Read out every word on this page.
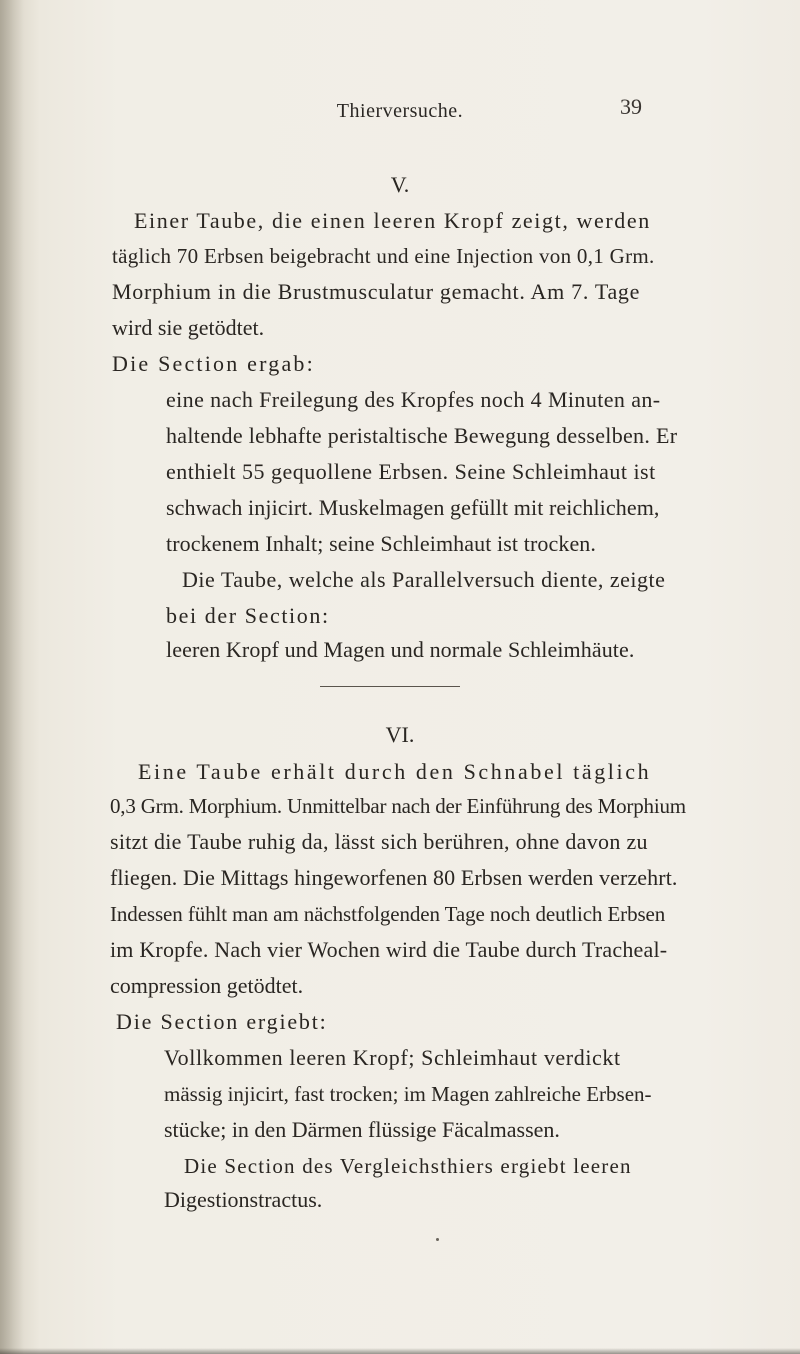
Thierversuche.	39
V.
Einer Taube, die einen leeren Kropf zeigt, werden
täglich 70 Erbsen beigebracht und eine Injection von 0,1 Grm.
Morphium in die Brustmusculatur gemacht. Am 7. Tage
wird sie getödtet.
Die Section ergab:
eine nach Freilegung des Kropfes noch 4 Minuten an-
haltende lebhafte peristaltische Bewegung desselben. Er
enthielt 55 gequollene Erbsen. Seine Schleimhaut ist
schwach injicirt. Muskelmagen gefüllt mit reichlichem,
trockenem Inhalt; seine Schleimhaut ist trocken.
Die Taube, welche als Parallelversuch diente, zeigte
bei der Section:
leeren Kropf und Magen und normale Schleimhäute.
VI.
Eine Taube erhält durch den Schnabel täglich
0,3 Grm. Morphium. Unmittelbar nach der Einführung des Morphium
sitzt die Taube ruhig da, lässt sich berühren, ohne davon zu
fliegen. Die Mittags hingeworfenen 80 Erbsen werden verzehrt.
Indessen fühlt man am nächstfolgenden Tage noch deutlich Erbsen
im Kropfe. Nach vier Wochen wird die Taube durch Tracheal-
compression getödtet.
Die Section ergiebt:
Vollkommen leeren Kropf; Schleimhaut verdickt
mässig injicirt, fast trocken; im Magen zahlreiche Erbsen-
stücke; in den Därmen flüssige Fäcalmassen.
Die Section des Vergleichsthiers ergiebt leeren
Digestionstractus.
